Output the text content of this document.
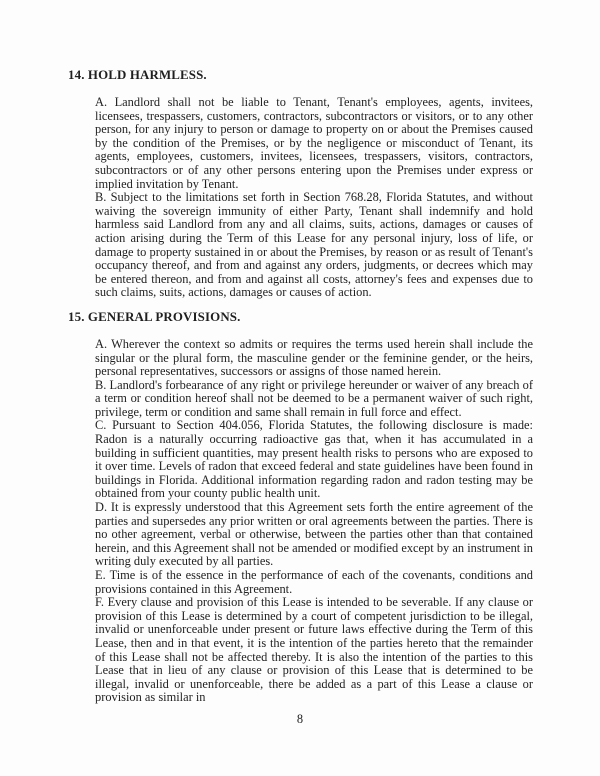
14. HOLD HARMLESS.

A. Landlord shall not be liable to Tenant, Tenant's employees, agents, invitees, licensees, trespassers, customers, contractors, subcontractors or visitors, or to any other person, for any injury to person or damage to property on or about the Premises caused by the condition of the Premises, or by the negligence or misconduct of Tenant, its agents, employees, customers, invitees, licensees, trespassers, visitors, contractors, subcontractors or of any other persons entering upon the Premises under express or implied invitation by Tenant.

B. Subject to the limitations set forth in Section 768.28, Florida Statutes, and without waiving the sovereign immunity of either Party, Tenant shall indemnify and hold harmless said Landlord from any and all claims, suits, actions, damages or causes of action arising during the Term of this Lease for any personal injury, loss of life, or damage to property sustained in or about the Premises, by reason or as result of Tenant's occupancy thereof, and from and against any orders, judgments, or decrees which may be entered thereon, and from and against all costs, attorney's fees and expenses due to such claims, suits, actions, damages or causes of action.

15. GENERAL PROVISIONS.

A. Wherever the context so admits or requires the terms used herein shall include the singular or the plural form, the masculine gender or the feminine gender, or the heirs, personal representatives, successors or assigns of those named herein.

B. Landlord's forbearance of any right or privilege hereunder or waiver of any breach of a term or condition hereof shall not be deemed to be a permanent waiver of such right, privilege, term or condition and same shall remain in full force and effect.

C. Pursuant to Section 404.056, Florida Statutes, the following disclosure is made: Radon is a naturally occurring radioactive gas that, when it has accumulated in a building in sufficient quantities, may present health risks to persons who are exposed to it over time. Levels of radon that exceed federal and state guidelines have been found in buildings in Florida. Additional information regarding radon and radon testing may be obtained from your county public health unit.

D. It is expressly understood that this Agreement sets forth the entire agreement of the parties and supersedes any prior written or oral agreements between the parties. There is no other agreement, verbal or otherwise, between the parties other than that contained herein, and this Agreement shall not be amended or modified except by an instrument in writing duly executed by all parties.

E. Time is of the essence in the performance of each of the covenants, conditions and provisions contained in this Agreement.

F. Every clause and provision of this Lease is intended to be severable. If any clause or provision of this Lease is determined by a court of competent jurisdiction to be illegal, invalid or unenforceable under present or future laws effective during the Term of this Lease, then and in that event, it is the intention of the parties hereto that the remainder of this Lease shall not be affected thereby. It is also the intention of the parties to this Lease that in lieu of any clause or provision of this Lease that is determined to be illegal, invalid or unenforceable, there be added as a part of this Lease a clause or provision as similar in

8
